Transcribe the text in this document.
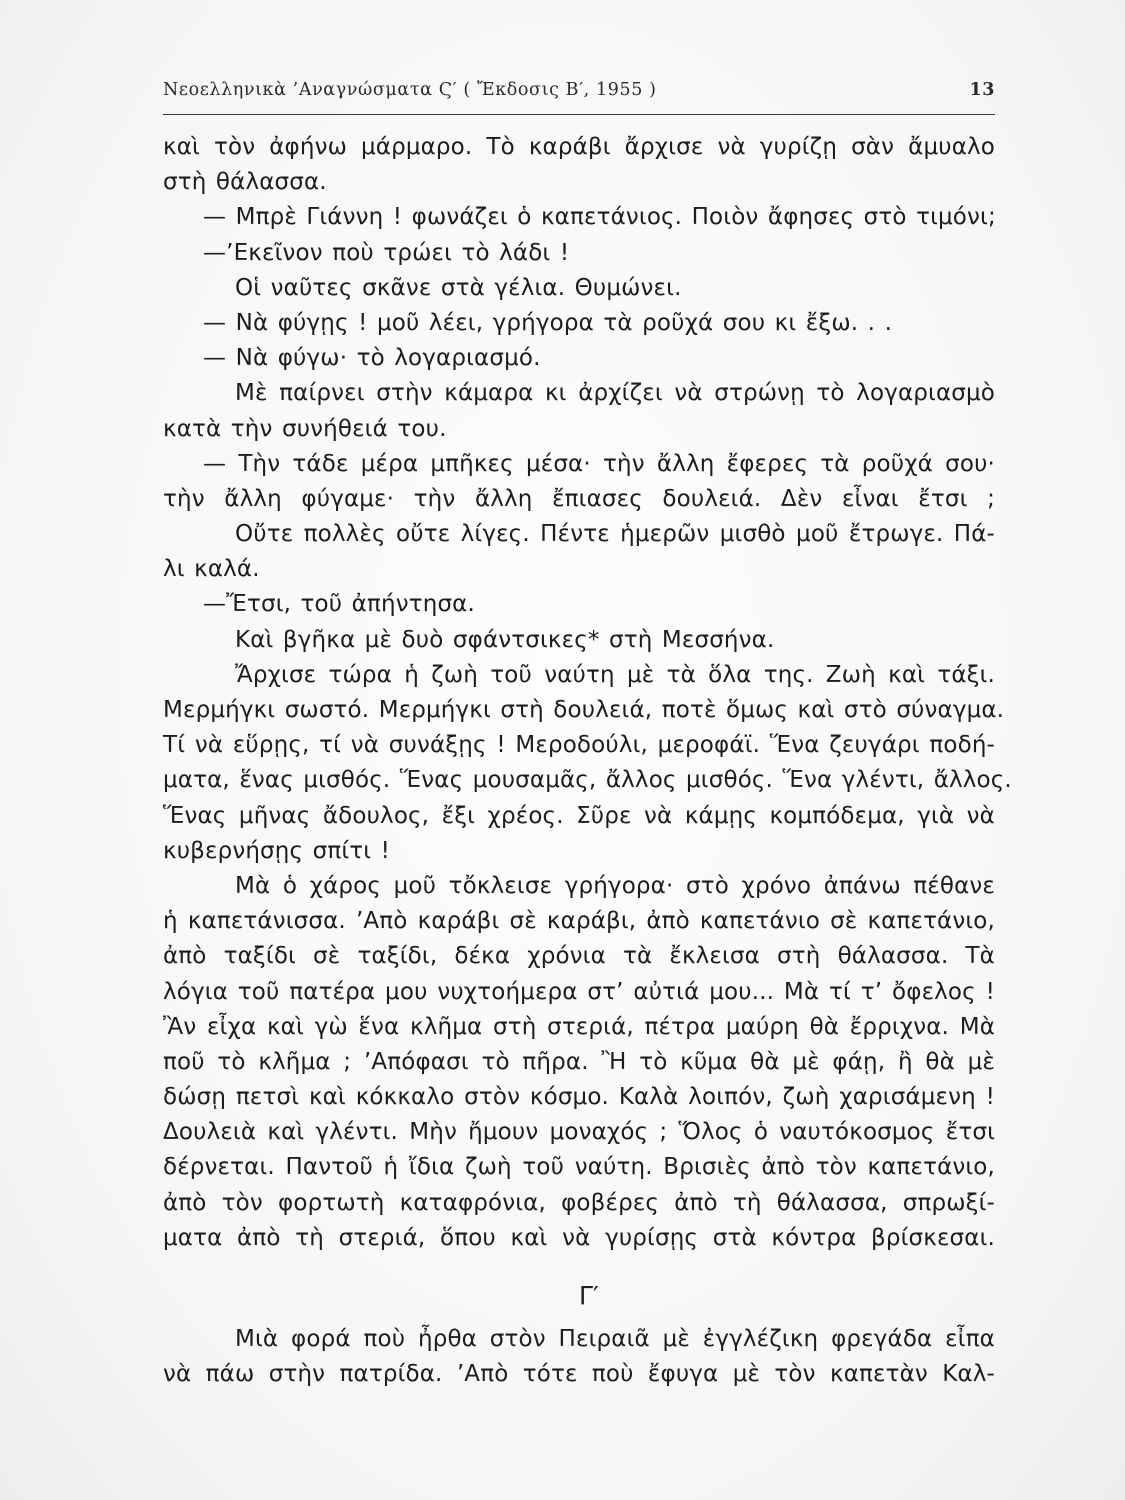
Νεοελληνικὰ ’Αναγνώσματα Ϛ′ ( Ἔκδοσις Β′, 1955 )	13
καὶ τὸν ἀφήνω μάρμαρο. Τὸ καράβι ἄρχισε νὰ γυρίζῃ σὰν ἄμυαλο
στὴ θάλασσα.
— Μπρὲ Γιάννη ! φωνάζει ὁ καπετάνιος. Ποιὸν ἄφησες στὸ τιμόνι;
—’Εκεῖνον ποὺ τρώει τὸ λάδι !
Οἱ ναῦτες σκᾶνε στὰ γέλια. Θυμώνει.
— Νὰ φύγῃς ! μοῦ λέει, γρήγορα τὰ ροῦχά σου κι ἔξω. . .
— Νὰ φύγω· τὸ λογαριασμό.
Μὲ παίρνει στὴν κάμαρα κι ἀρχίζει νὰ στρώνῃ τὸ λογαριασμὸ
κατὰ τὴν συνήθειά του.
— Τὴν τάδε μέρα μπῆκες μέσα· τὴν ἄλλη ἔφερες τὰ ροῦχά σου·
τὴν ἄλλη φύγαμε· τὴν ἄλλη ἔπιασες δουλειά. Δὲν εἶναι ἔτσι ;
Οὔτε πολλὲς οὔτε λίγες. Πέντε ἡμερῶν μισθὸ μοῦ ἔτρωγε. Πά-
λι καλά.
—Ἔτσι, τοῦ ἀπήντησα.
Καὶ βγῆκα μὲ δυὸ σφάντσικες* στὴ Μεσσήνα.
Ἄρχισε τώρα ἡ ζωὴ τοῦ ναύτη μὲ τὰ ὅλα της. Ζωὴ καὶ τάξι.
Μερμήγκι σωστό. Μερμήγκι στὴ δουλειά, ποτὲ ὅμως καὶ στὸ σύναγμα.
Τί νὰ εὕρῃς, τί νὰ συνάξῃς ! Μεροδούλι, μεροφάϊ. Ἕνα ζευγάρι ποδή-
ματα, ἕνας μισθός. Ἕνας μουσαμᾶς, ἄλλος μισθός. Ἕνα γλέντι, ἄλλος.
Ἕνας μῆνας ἄδουλος, ἔξι χρέος. Σῦρε νὰ κάμῃς κομπόδεμα, γιὰ νὰ
κυβερνήσῃς σπίτι !
Μὰ ὁ χάρος μοῦ τὄκλεισε γρήγορα· στὸ χρόνο ἀπάνω πέθανε
ἡ καπετάνισσα. ’Απὸ καράβι σὲ καράβι, ἀπὸ καπετάνιο σὲ καπετάνιο,
ἀπὸ ταξίδι σὲ ταξίδι, δέκα χρόνια τὰ ἔκλεισα στὴ θάλασσα. Τὰ
λόγια τοῦ πατέρα μου νυχτοήμερα στ’ αὐτιά μου... Μὰ τί τ’ ὄφελος !
Ἂν εἶχα καὶ γὼ ἕνα κλῆμα στὴ στεριά, πέτρα μαύρη θὰ ἔρριχνα. Μὰ
ποῦ τὸ κλῆμα ; ’Απόφασι τὸ πῆρα. Ἢ τὸ κῦμα θὰ μὲ φάῃ, ἢ θὰ μὲ
δώσῃ πετσὶ καὶ κόκκαλο στὸν κόσμο. Καλὰ λοιπόν, ζωὴ χαρισάμενη !
Δουλειὰ καὶ γλέντι. Μὴν ἤμουν μοναχός ; Ὅλος ὁ ναυτόκοσμος ἔτσι
δέρνεται. Παντοῦ ἡ ἴδια ζωὴ τοῦ ναύτη. Βρισιὲς ἀπὸ τὸν καπετάνιο,
ἀπὸ τὸν φορτωτὴ καταφρόνια, φοβέρες ἀπὸ τὴ θάλασσα, σπρωξί-
ματα ἀπὸ τὴ στεριά, ὅπου καὶ νὰ γυρίσῃς στὰ κόντρα βρίσκεσαι.
Γ′
Μιὰ φορά ποὺ ἦρθα στὸν Πειραιᾶ μὲ ἐγγλέζικη φρεγάδα εἶπα
νὰ πάω στὴν πατρίδα. ’Απὸ τότε ποὺ ἔφυγα μὲ τὸν καπετὰν Καλ-
